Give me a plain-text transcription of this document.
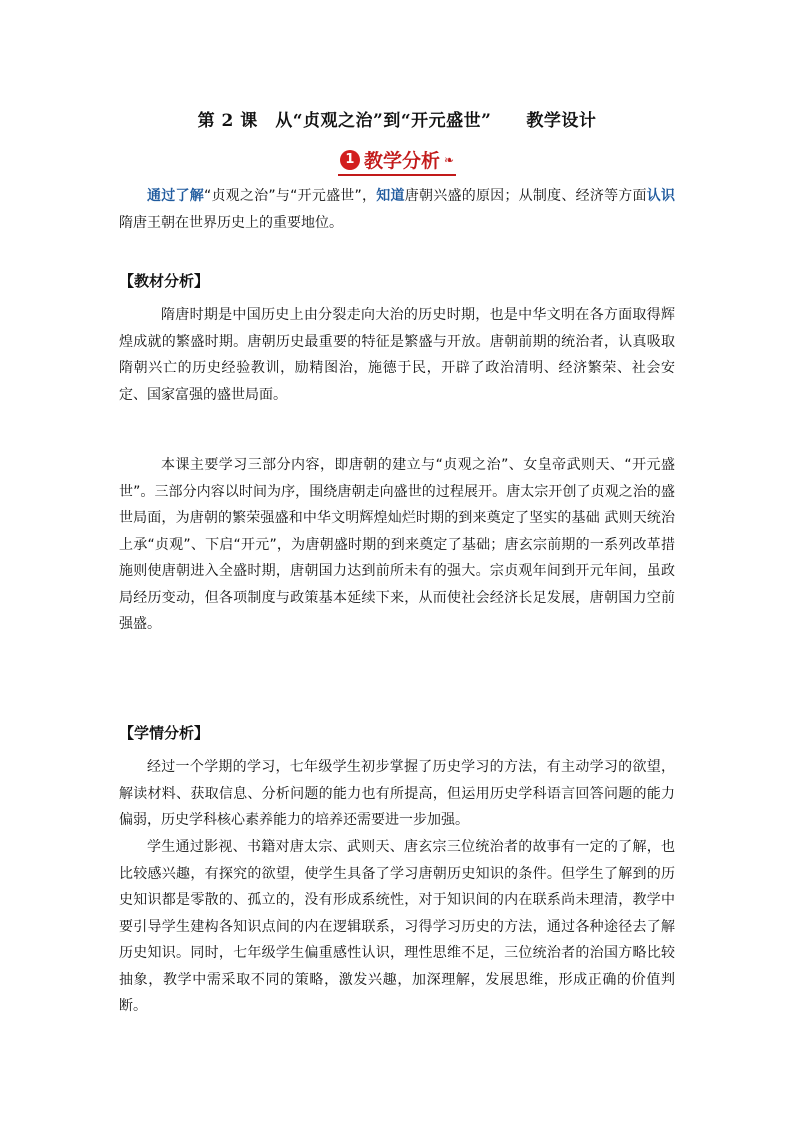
第 2 课　从“贞观之治”到“开元盛世”　　教学设计
1 教学分析 ❧
通过了解“贞观之治”与“开元盛世”，知道唐朝兴盛的原因；从制度、经济等方面认识隋唐王朝在世界历史上的重要地位。
【教材分析】
隋唐时期是中国历史上由分裂走向大治的历史时期，也是中华文明在各方面取得辉煌成就的繁盛时期。唐朝历史最重要的特征是繁盛与开放。唐朝前期的统治者，认真吸取隋朝兴亡的历史经验教训，励精图治，施德于民，开辟了政治清明、经济繁荣、社会安定、国家富强的盛世局面。
本课主要学习三部分内容，即唐朝的建立与“贞观之治”、女皇帝武则天、“开元盛世”。三部分内容以时间为序，围绕唐朝走向盛世的过程展开。唐太宗开创了贞观之治的盛世局面，为唐朝的繁荣强盛和中华文明辉煌灿烂时期的到来奠定了坚实的基础 武则天统治上承“贞观”、下启“开元”，为唐朝盛时期的到来奠定了基础；唐玄宗前期的一系列改革措施则使唐朝进入全盛时期，唐朝国力达到前所未有的强大。宗贞观年间到开元年间，虽政局经历变动，但各项制度与政策基本延续下来，从而使社会经济长足发展，唐朝国力空前强盛。
【学情分析】
经过一个学期的学习，七年级学生初步掌握了历史学习的方法，有主动学习的欲望，解读材料、获取信息、分析问题的能力也有所提高，但运用历史学科语言回答问题的能力偏弱，历史学科核心素养能力的培养还需要进一步加强。
学生通过影视、书籍对唐太宗、武则天、唐玄宗三位统治者的故事有一定的了解，也比较感兴趣，有探究的欲望，使学生具备了学习唐朝历史知识的条件。但学生了解到的历史知识都是零散的、孤立的，没有形成系统性，对于知识间的内在联系尚未理清，教学中要引导学生建构各知识点间的内在逻辑联系，习得学习历史的方法，通过各种途径去了解历史知识。同时，七年级学生偏重感性认识，理性思维不足，三位统治者的治国方略比较抽象，教学中需采取不同的策略，激发兴趣，加深理解，发展思维，形成正确的价值判断。
